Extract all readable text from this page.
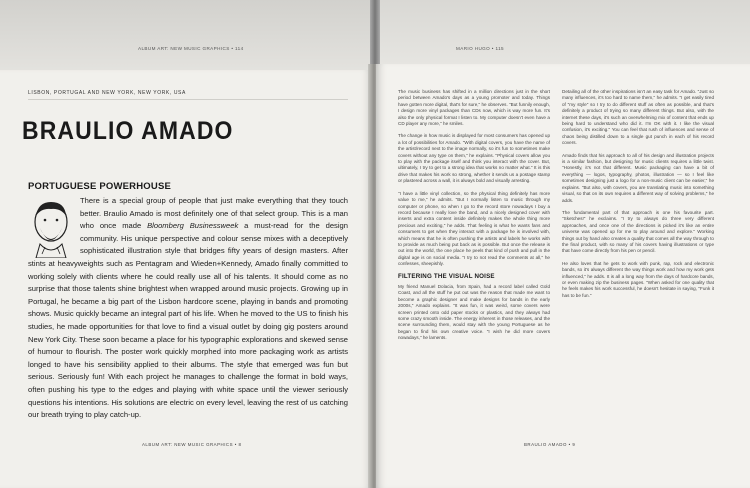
ALBUM ART: NEW MUSIC GRAPHICS • 114	MARIO HUGO • 115
LISBON, PORTUGAL AND NEW YORK, NEW YORK, USA
BRAULIO AMADO
PORTUGUESE POWERHOUSE
There is a special group of people that just make everything that they touch better. Braulio Amado is most definitely one of that select group. This is a man who once made Bloomberg Businessweek a must-read for the design community. His unique perspective and colour sense mixes with a deceptively sophisticated illustration style that bridges fifty years of design masters. After stints at heavyweights such as Pentagram and Wieden+Kennedy, Amado finally committed to working solely with clients where he could really use all of his talents. It should come as no surprise that those talents shine brightest when wrapped around music projects. Growing up in Portugal, he became a big part of the Lisbon hardcore scene, playing in bands and promoting shows. Music quickly became an integral part of his life. When he moved to the US to finish his studies, he made opportunities for that love to find a visual outlet by doing gig posters around New York City. These soon became a place for his typographic explorations and skewed sense of humour to flourish. The poster work quickly morphed into more packaging work as artists longed to have his sensibility applied to their albums. The style that emerged was fun but serious. Seriously fun! With each project he manages to challenge the format in bold ways, often pushing his type to the edges and playing with white space until the viewer seriously questions his intentions. His solutions are electric on every level, leaving the rest of us catching our breath trying to play catch-up.
ALBUM ART: NEW MUSIC GRAPHICS • 8

The music business has shifted in a million directions just in the short period between Amado's days as a young promoter and today. Things have gotten more digital, that's for sure," he observes. "But funnily enough, I design more vinyl packages than CDs now, which is way more fun. It's also the only physical format I listen to. My computer doesn't even have a CD player any more," he smiles.

The change in how music is displayed for most consumers has opened up a lot of possibilities for Amado. "With digital covers, you have the name of the artist/record next to the image normally, so it's fun to sometimes make covers without any type on them," he explains. "Physical covers allow you to play with the package itself and think you interact with the cover. But, ultimately, I try to get to a strong idea that works no matter what." It is this drive that makes his work so strong, whether it sends us a postage stamp or plastered across a wall, it is always bold and visually arresting.

"I have a little vinyl collection, so the physical thing definitely has more value to me," he admits. "But I normally listen to music through my computer or phone, so when I go to the record store nowadays I buy a record because I really love the band, and a nicely designed cover with inserts and extra content inside definitely makes the whole thing more precious and exciting," he adds. That feeling is what he wants fans and consumers to get when they interact with a package he is involved with, which means that he is often pushing the artists and labels he works with to provide as much being put back as is possible. But once the release is out into the world, the one place he peels that kind of push and pull in the digital age is on social media. "I try to not read the comments at all," he confesses, sheepishly.

FILTERING THE VISUAL NOISE

My friend Manuel Dolacia, from Spain, had a record label called Gold Coast, and all the stuff he put out was the reason that made me want to become a graphic designer and make designs for bands in the early 2000s," Amado explains. "It was fun, it was weird, some covers were screen printed onto odd paper stocks or plastics, and they always had some crazy smooth inside. The energy inherent in those releases, and the scene surrounding them, would stay with the young Portuguese as he began to find his own creative voice. "I wish he did more covers nowadays," he laments.

Detailing all of the other inspirations isn't an easy task for Amado. "Just so many influences, it's too hard to name them," he admits. "I get easily tired of "my style" so I try to do different stuff as often as possible, and that's definitely a product of trying so many different things. But also, with the internet these days, it's such an overwhelming mix of content that ends up being hard to understand who did it. I'm OK with it. I like the visual confusion, it's exciting." You can feel that rush of influences and sense of chaos being distilled down to a single gut punch in each of his record covers.

Amado finds that his approach to all of his design and illustration projects is a similar fashion, but designing for music clients requires a little twist. "Honestly, it's not that different. Music packaging can have a bit of everything — logos, typography, photos, illustration — so I feel like sometimes designing just a logo for a non-music client can be easier," he explains. "But also, with covers, you are translating music into something visual, so that on its own requires a different way of solving problems," he adds.

The fundamental part of that approach is one his favourite part. "Sketches!" he exclaims. "I try to always do three very different approaches, and once one of the directions is picked it's like an entire universe was opened up for me to play around and explore." Working things out by hand also creates a quality that comes all the way through to the final product, with so many of his covers having illustrations or type that have come directly from his pen or pencil.

He also loves that he gets to work with punk, rap, rock and electronic bands, so it's always different the way things work and how my work gets influenced," he adds. It is all a long way from the days of hardcore bands, or even making zip the business pages. "When asked for one quality that he feels makes his work successful, he doesn't hesitate in saying, "Funk it has to be fun."

BRAULIO AMADO • 9
